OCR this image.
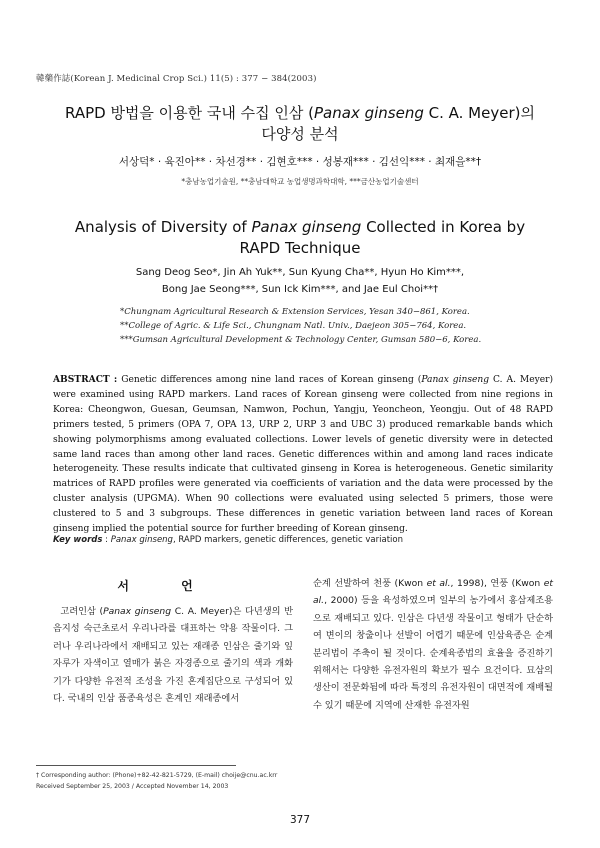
韓藥作誌(Korean J. Medicinal Crop Sci.) 11(5) : 377 − 384(2003)
RAPD 방법을 이용한 국내 수집 인삼 (Panax ginseng C. A. Meyer)의
다양성 분석
서상덕* · 육진아** · 차선경** · 김현호*** · 성봉재*** · 김선익*** · 최재을**†
*충남농업기술원, **충남대학교 농업생명과학대학, ***금산농업기술센터
Analysis of Diversity of Panax ginseng Collected in Korea by
RAPD Technique
Sang Deog Seo*, Jin Ah Yuk**, Sun Kyung Cha**, Hyun Ho Kim***,
Bong Jae Seong***, Sun Ick Kim***, and Jae Eul Choi**†
*Chungnam Agricultural Research & Extension Services, Yesan 340−861, Korea.
**College of Agric. & Life Sci., Chungnam Natl. Univ., Daejeon 305−764, Korea.
***Gumsan Agricultural Development & Technology Center, Gumsan 580−6, Korea.

ABSTRACT : Genetic differences among nine land races of Korean ginseng (Panax ginseng C. A. Meyer) were examined using RAPD markers. Land races of Korean ginseng were collected from nine regions in Korea: Cheongwon, Guesan, Geumsan, Namwon, Pochun, Yangju, Yeoncheon, Yeongju. Out of 48 RAPD primers tested, 5 primers (OPA 7, OPA 13, URP 2, URP 3 and UBC 3) produced remarkable bands which showing polymorphisms among evaluated collections. Lower levels of genetic diversity were in detected same land races than among other land races. Genetic differences within and among land races indicate heterogeneity. These results indicate that cultivated ginseng in Korea is heterogeneous. Genetic similarity matrices of RAPD profiles were generated via coefficients of variation and the data were processed by the cluster analysis (UPGMA). When 90 collections were evaluated using selected 5 primers, those were clustered to 5 and 3 subgroups. These differences in genetic variation between land races of Korean ginseng implied the potential source for further breeding of Korean ginseng.

Key words : Panax ginseng, RAPD markers, genetic differences, genetic variation
서 언

고려인삼 (Panax ginseng C. A. Meyer)은 다년생의 반음지성 숙근초로서 우리나라를 대표하는 약용 작물이다. 그러나 우리나라에서 재배되고 있는 재래종 인삼은 줄기와 잎자루가 자색이고 열매가 붉은 자경종으로 줄기의 색과 개화기가 다양한 유전적 조성을 가진 혼계집단으로 구성되어 있다. 국내의 인삼 품종육성은 혼계인 재래종에서

순계 선발하여 천풍 (Kwon et al., 1998), 연풍 (Kwon et al., 2000) 등을 육성하였으며 일부의 농가에서 홍삼제조용으로 재배되고 있다. 인삼은 다년생 작물이고 형태가 단순하여 변이의 창출이나 선발이 어렵기 때문에 인삼육종은 순계분리법이 주축이 될 것이다. 순계육종법의 효율을 증진하기 위해서는 다양한 유전자원의 확보가 필수 요건이다. 묘삼의 생산이 전문화됨에 따라 특정의 유전자원이 대면적에 재배될 수 있기 때문에 지역에 산재한 유전자원

† Corresponding author: (Phone)+82-42-821-5729, (E-mail) choije@cnu.ac.krr
Received September 25, 2003 / Accepted November 14, 2003
377
